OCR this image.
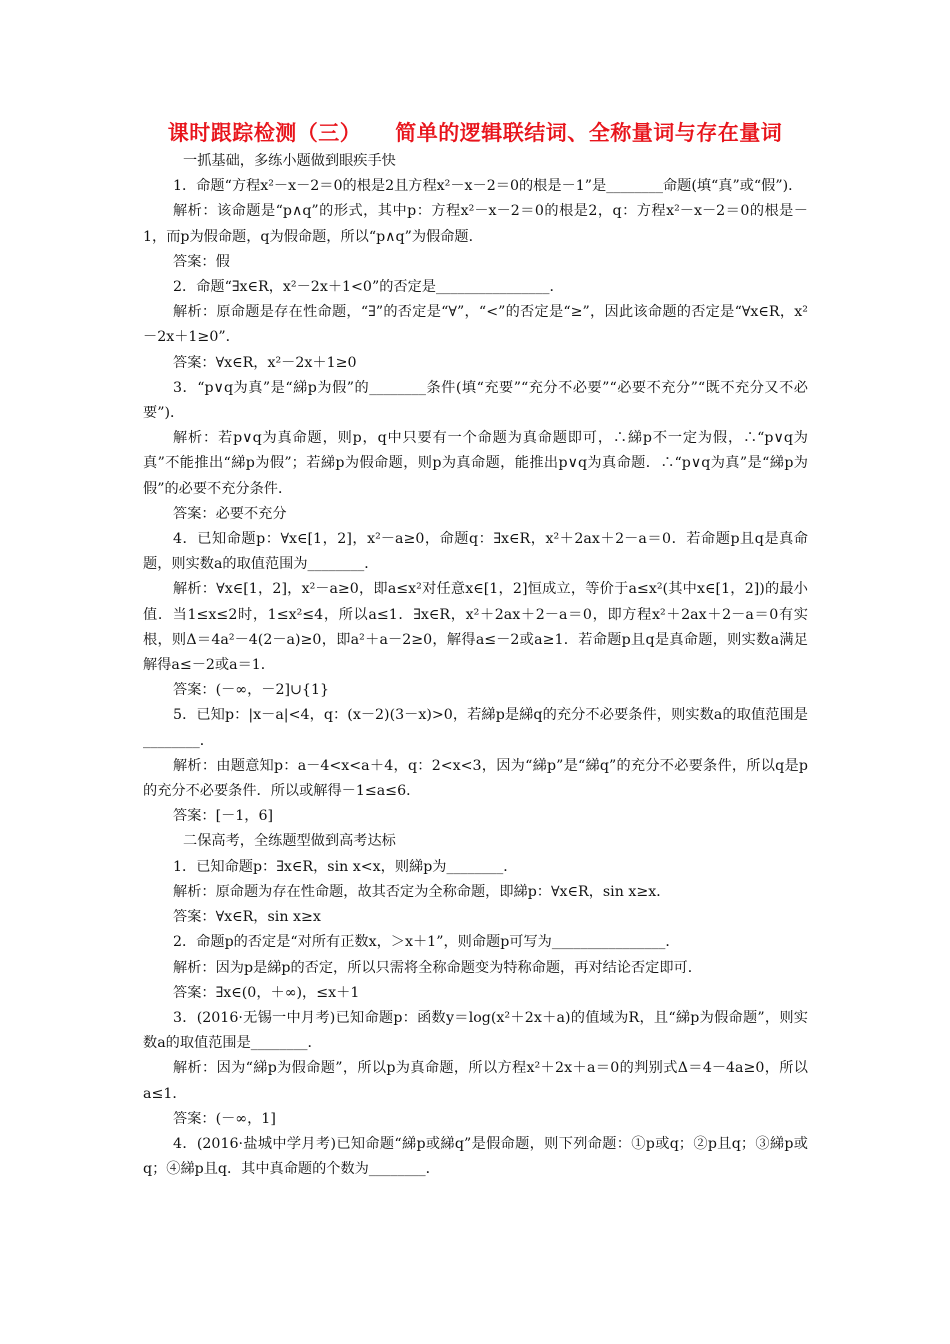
课时跟踪检测（三） 简单的逻辑联结词、全称量词与存在量词

一抓基础，多练小题做到眼疾手快

1．命题“方程x²－x－2＝0的根是2且方程x²－x－2＝0的根是－1”是________命题(填“真”或“假”)．

解析：该命题是“p∧q”的形式，其中p：方程x²－x－2＝0的根是2，q：方程x²－x－2＝0的根是－1，而p为假命题，q为假命题，所以“p∧q”为假命题．

答案：假

2．命题“∃x∈R，x²－2x＋1<0”的否定是________________．

解析：原命题是存在性命题，“∃”的否定是“∀”，“<”的否定是“≥”，因此该命题的否定是“∀x∈R，x²－2x＋1≥0”．

答案：∀x∈R，x²－2x＋1≥0

3．“p∨q为真”是“綈p为假”的________条件(填“充要”“充分不必要”“必要不充分”“既不充分又不必要”)．

解析：若p∨q为真命题，则p，q中只要有一个命题为真命题即可，∴綈p不一定为假，∴“p∨q为真”不能推出“綈p为假”；若綈p为假命题，则p为真命题，能推出p∨q为真命题．∴“p∨q为真”是“綈p为假”的必要不充分条件．

答案：必要不充分

4．已知命题p：∀x∈[1，2]，x²－a≥0，命题q：∃x∈R，x²＋2ax＋2－a＝0．若命题p且q是真命题，则实数a的取值范围为________．

解析：∀x∈[1，2]，x²－a≥0，即a≤x²对任意x∈[1，2]恒成立，等价于a≤x²(其中x∈[1，2])的最小值．当1≤x≤2时，1≤x²≤4，所以a≤1．∃x∈R，x²＋2ax＋2－a＝0，即方程x²＋2ax＋2－a＝0有实根，则Δ＝4a²－4(2－a)≥0，即a²＋a－2≥0，解得a≤－2或a≥1．若命题p且q是真命题，则实数a满足解得a≤－2或a＝1．

答案：(－∞，－2]∪{1}

5．已知p：|x－a|<4，q：(x－2)(3－x)>0，若綈p是綈q的充分不必要条件，则实数a的取值范围是________．

解析：由题意知p：a－4<x<a＋4，q：2<x<3，因为“綈p”是“綈q”的充分不必要条件，所以q是p的充分不必要条件．所以或解得－1≤a≤6．

答案：[－1，6]

二保高考，全练题型做到高考达标

1．已知命题p：∃x∈R，sin x<x，则綈p为________．

解析：原命题为存在性命题，故其否定为全称命题，即綈p：∀x∈R，sin x≥x．

答案：∀x∈R，sin x≥x

2．命题p的否定是“对所有正数x，＞x＋1”，则命题p可写为________________．

解析：因为p是綈p的否定，所以只需将全称命题变为特称命题，再对结论否定即可．

答案：∃x∈(0，＋∞)，≤x＋1

3．(2016·无锡一中月考)已知命题p：函数y＝log(x²＋2x＋a)的值域为R，且“綈p为假命题”，则实数a的取值范围是________．

解析：因为“綈p为假命题”，所以p为真命题，所以方程x²＋2x＋a＝0的判别式Δ＝4－4a≥0，所以a≤1．

答案：(－∞，1]

4．(2016·盐城中学月考)已知命题“綈p或綈q”是假命题，则下列命题：①p或q；②p且q；③綈p或q；④綈p且q．其中真命题的个数为________．
